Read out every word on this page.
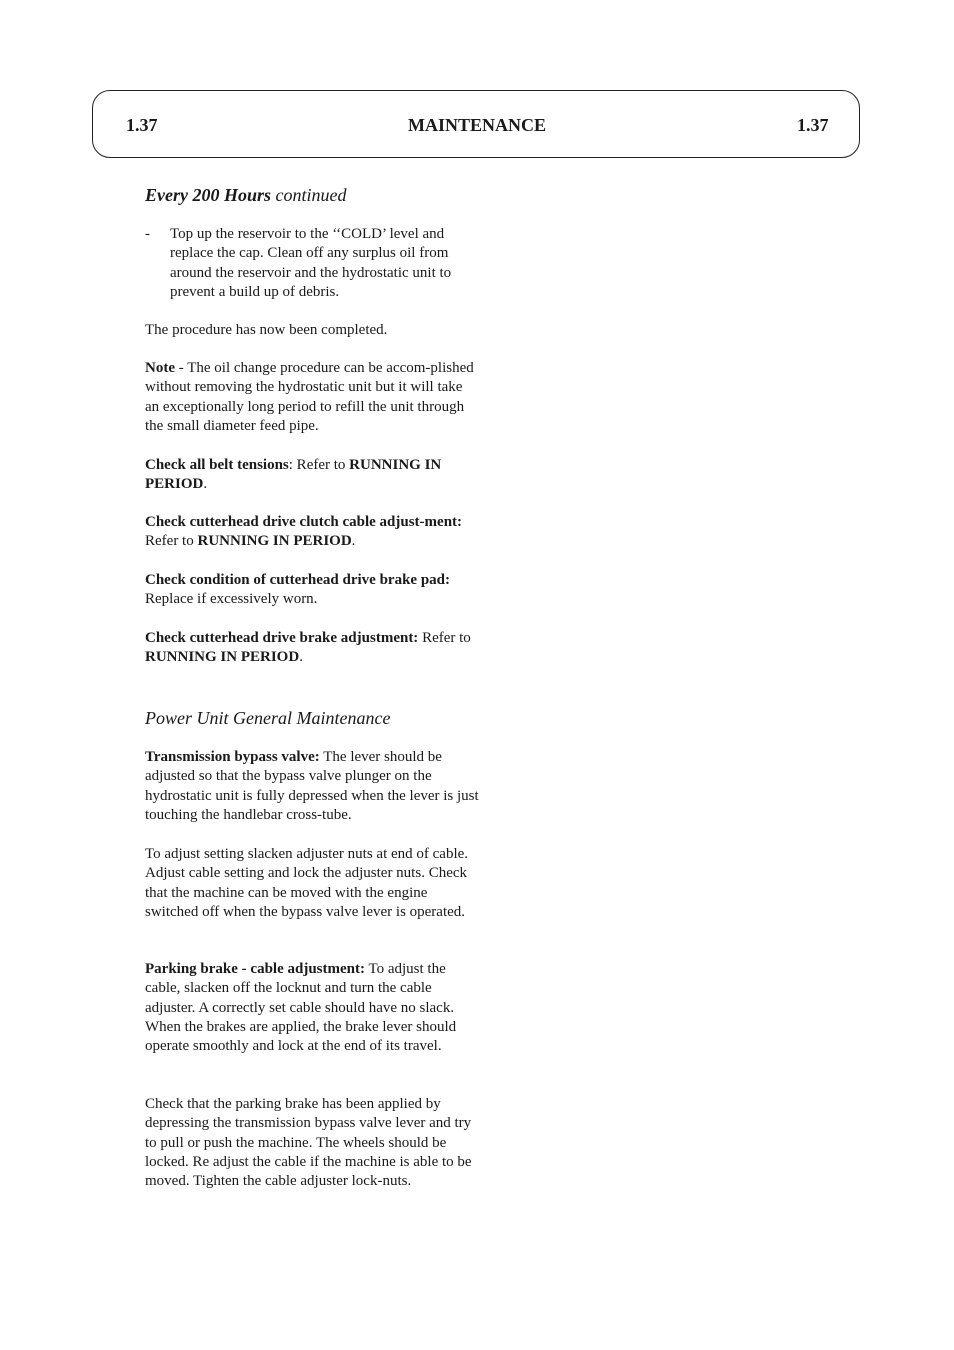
1.37	MAINTENANCE	1.37
Every 200 Hours continued
- Top up the reservoir to the ‘‘COLD’ level and replace the cap. Clean off any surplus oil from around the reservoir and the hydrostatic unit to prevent a build up of debris.

The procedure has now been completed.

Note - The oil change procedure can be accom-plished without removing the hydrostatic unit but it will take an exceptionally long period to refill the unit through the small diameter feed pipe.

Check all belt tensions: Refer to RUNNING IN PERIOD.

Check cutterhead drive clutch cable adjust-ment: Refer to RUNNING IN PERIOD.

Check condition of cutterhead drive brake pad: Replace if excessively worn.

Check cutterhead drive brake adjustment: Refer to RUNNING IN PERIOD.

Power Unit General Maintenance

Transmission bypass valve: The lever should be adjusted so that the bypass valve plunger on the hydrostatic unit is fully depressed when the lever is just touching the handlebar cross-tube.

To adjust setting slacken adjuster nuts at end of cable. Adjust cable setting and lock the adjuster nuts. Check that the machine can be moved with the engine switched off when the bypass valve lever is operated.

Parking brake - cable adjustment: To adjust the cable, slacken off the locknut and turn the cable adjuster. A correctly set cable should have no slack. When the brakes are applied, the brake lever should operate smoothly and lock at the end of its travel.

Check that the parking brake has been applied by depressing the transmission bypass valve lever and try to pull or push the machine. The wheels should be locked. Re adjust the cable if the machine is able to be moved. Tighten the cable adjuster lock-nuts.
